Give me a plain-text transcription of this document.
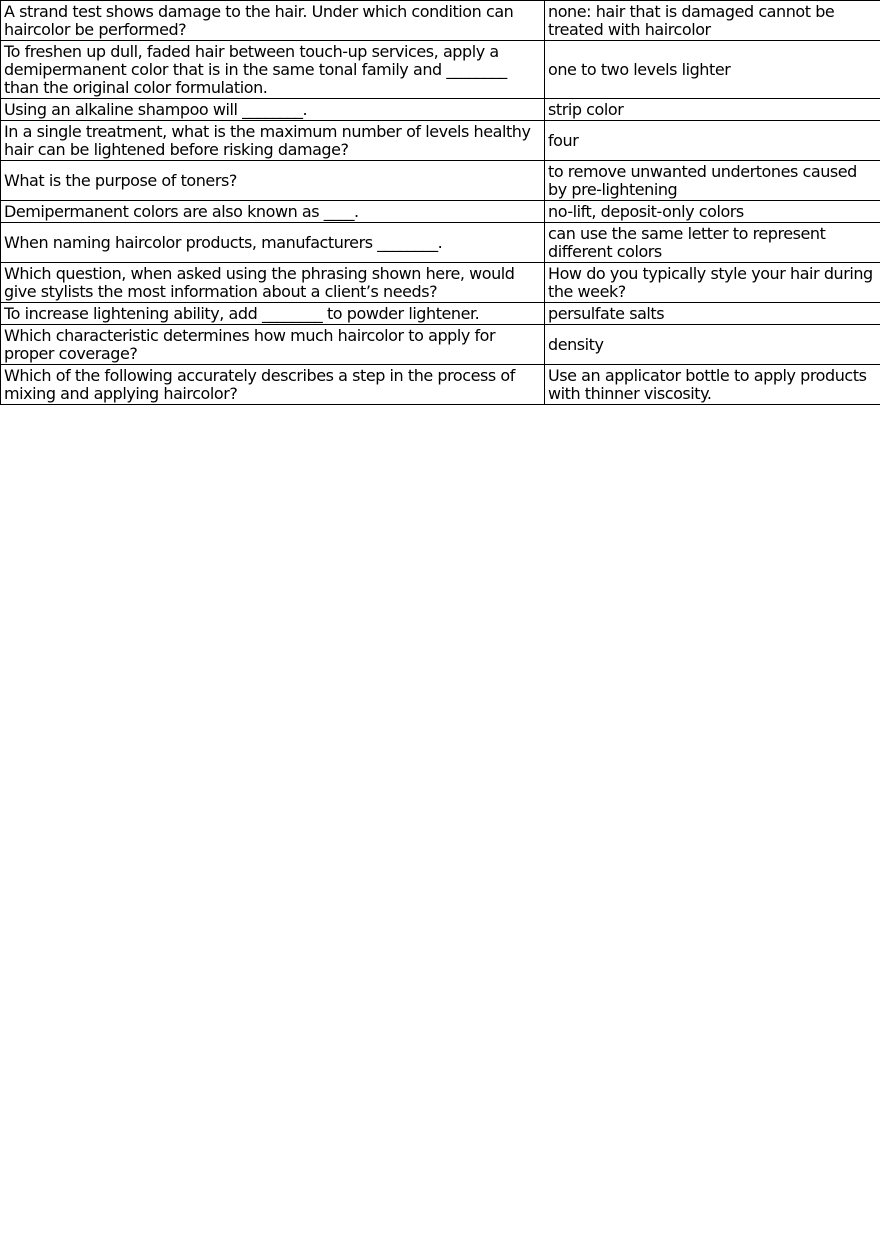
A strand test shows damage to the hair. Under which condition can haircolor be performed?	none: hair that is damaged cannot be treated with haircolor
To freshen up dull, faded hair between touch-up services, apply a demipermanent color that is in the same tonal family and ________ than the original color formulation.	one to two levels lighter
Using an alkaline shampoo will ________.	strip color
In a single treatment, what is the maximum number of levels healthy hair can be lightened before risking damage?	four
What is the purpose of toners?	to remove unwanted undertones caused by pre-lightening
Demipermanent colors are also known as ____.	no-lift, deposit-only colors
When naming haircolor products, manufacturers ________.	can use the same letter to represent different colors
Which question, when asked using the phrasing shown here, would give stylists the most information about a client’s needs?	How do you typically style your hair during the week?
To increase lightening ability, add ________ to powder lightener.	persulfate salts
Which characteristic determines how much haircolor to apply for proper coverage?	density
Which of the following accurately describes a step in the process of mixing and applying haircolor?	Use an applicator bottle to apply products with thinner viscosity.
